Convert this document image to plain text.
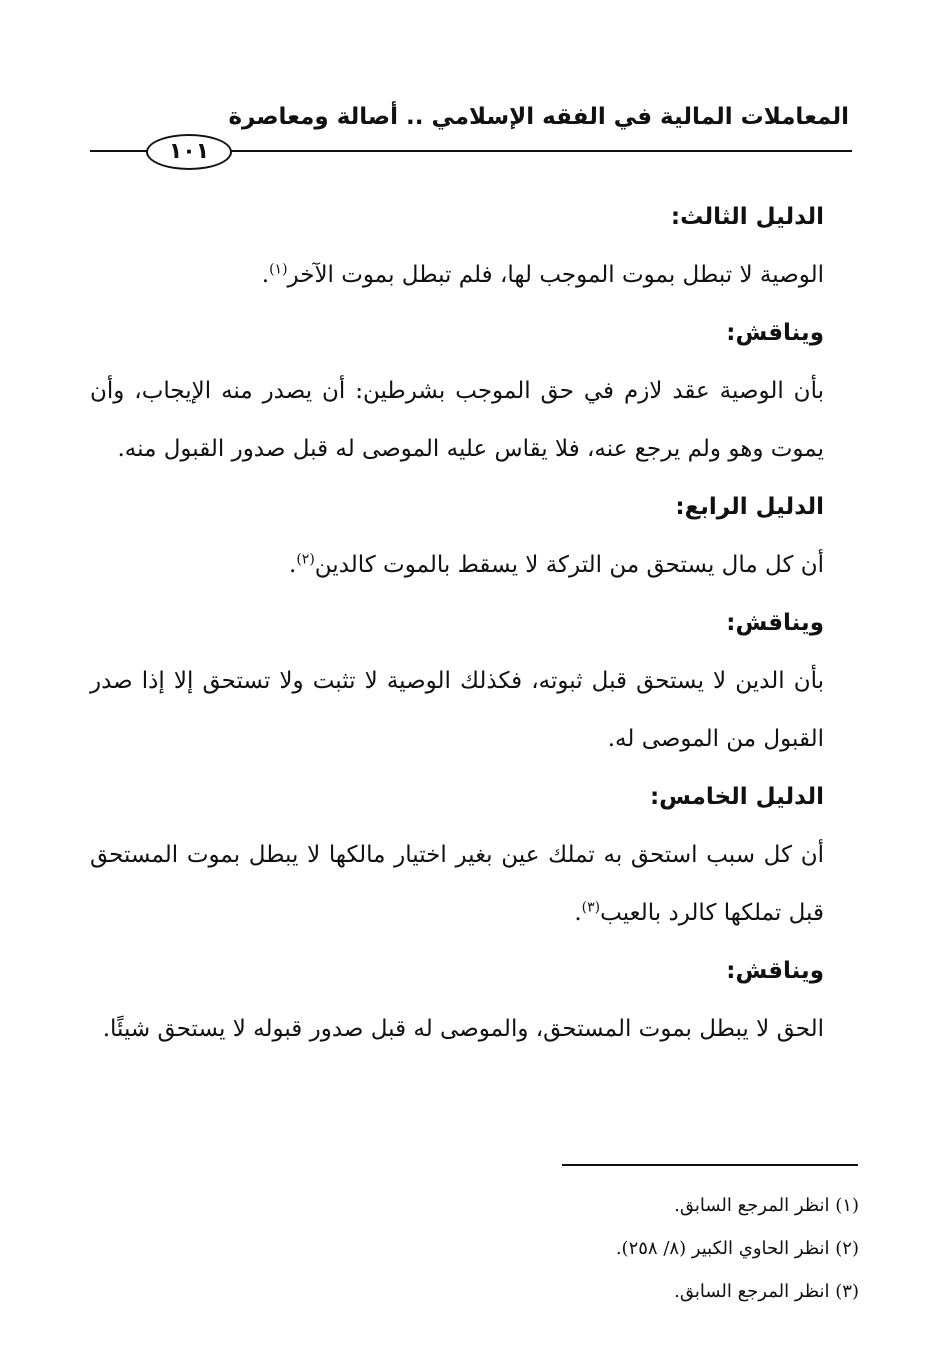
المعاملات المالية في الفقه الإسلامي .. أصالة ومعاصرة
١٠١

الدليل الثالث:

الوصية لا تبطل بموت الموجب لها، فلم تبطل بموت الآخر$^{(١)}$.

ويناقش:

بأن الوصية عقد لازم في حق الموجب بشرطين: أن يصدر منه الإيجاب، وأن يموت وهو ولم يرجع عنه، فلا يقاس عليه الموصى له قبل صدور القبول منه.

الدليل الرابع:

أن كل مال يستحق من التركة لا يسقط بالموت كالدين$^{(٢)}$.

ويناقش:

بأن الدين لا يستحق قبل ثبوته، فكذلك الوصية لا تثبت ولا تستحق إلا إذا صدر القبول من الموصى له.

الدليل الخامس:

أن كل سبب استحق به تملك عين بغير اختيار مالكها لا يبطل بموت المستحق قبل تملكها كالرد بالعيب$^{(٣)}$.

ويناقش:

الحق لا يبطل بموت المستحق، والموصى له قبل صدور قبوله لا يستحق شيئًا.

(١) انظر المرجع السابق.

(٢) انظر الحاوي الكبير (٨/ ٢٥٨).

(٣) انظر المرجع السابق.
